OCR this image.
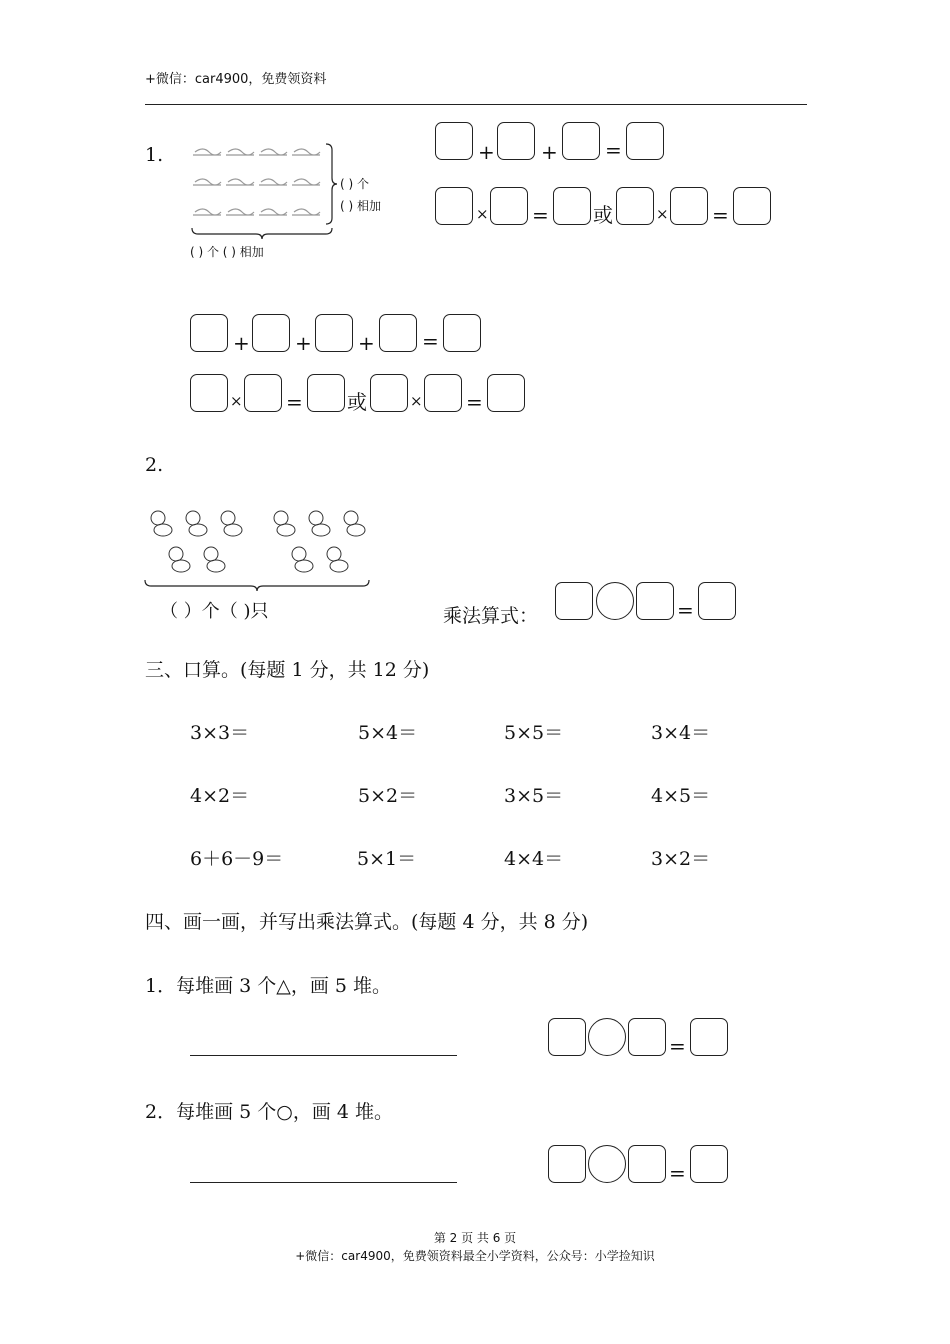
+微信：car4900，免费领资料
1.
( ) 个
( ) 相加
( ) 个 ( ) 相加
+ + =
× = 或	× =
+ + + =
× = 或	× =
2.
（ ）个（ )只	乘法算式：	=
三、口算。(每题 1 分，共 12 分)
3×3＝	5×4＝	5×5＝	3×4＝
4×2＝	5×2＝	3×5＝	4×5＝
6＋6－9＝	5×1＝	4×4＝	3×2＝
四、画一画，并写出乘法算式。(每题 4 分，共 8 分)
1．每堆画 3 个△，画 5 堆。
=
2．每堆画 5 个○，画 4 堆。
=
第 2 页 共 6 页
+微信：car4900，免费领资料最全小学资料，公众号：小学捡知识
